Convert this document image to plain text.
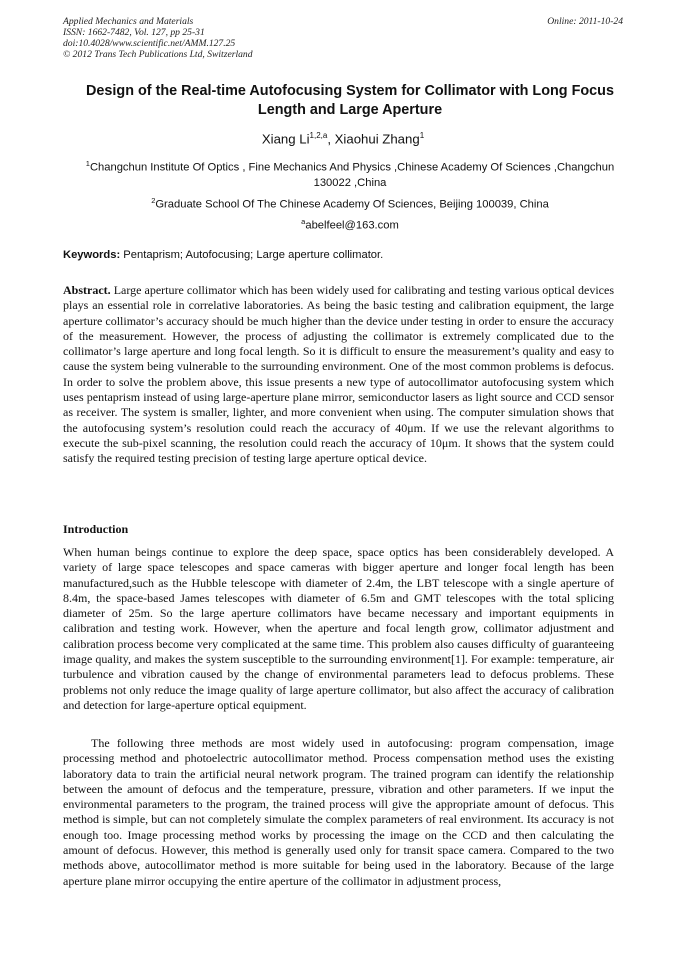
Applied Mechanics and Materials
ISSN: 1662-7482, Vol. 127, pp 25-31
doi:10.4028/www.scientific.net/AMM.127.25
© 2012 Trans Tech Publications Ltd, Switzerland
Online: 2011-10-24
Design of the Real-time Autofocusing System for Collimator with Long Focus Length and Large Aperture
Xiang Li$^{1,2,a}$, Xiaohui Zhang$^1$
$^1$Changchun Institute Of Optics , Fine Mechanics And Physics ,Chinese Academy Of Sciences ,Changchun 130022 ,China
$^2$Graduate School Of The Chinese Academy Of Sciences, Beijing 100039, China
$^a$abelfeel@163.com
Keywords: Pentaprism; Autofocusing; Large aperture collimator.
Abstract. Large aperture collimator which has been widely used for calibrating and testing various optical devices plays an essential role in correlative laboratories. As being the basic testing and calibration equipment, the large aperture collimator’s accuracy should be much higher than the device under testing in order to ensure the accuracy of the measurement. However, the process of adjusting the collimator is extremely complicated due to the collimator’s large aperture and long focal length. So it is difficult to ensure the measurement’s quality and easy to cause the system being vulnerable to the surrounding environment. One of the most common problems is defocus. In order to solve the problem above, this issue presents a new type of autocollimator autofocusing system which uses pentaprism instead of using large-aperture plane mirror, semiconductor lasers as light source and CCD sensor as receiver. The system is smaller, lighter, and more convenient when using. The computer simulation shows that the autofocusing system’s resolution could reach the accuracy of 40μm. If we use the relevant algorithms to execute the sub-pixel scanning, the resolution could reach the accuracy of 10μm. It shows that the system could satisfy the required testing precision of testing large aperture optical device.
Introduction
When human beings continue to explore the deep space, space optics has been considerablely developed. A variety of large space telescopes and space cameras with bigger aperture and longer focal length has been manufactured,such as the Hubble telescope with diameter of 2.4m, the LBT telescope with a single aperture of 8.4m, the space-based James telescopes with diameter of 6.5m and GMT telescopes with the total splicing diameter of 25m. So the large aperture collimators have became necessary and important equipments in calibration and testing work. However, when the aperture and focal length grow, collimator adjustment and calibration process become very complicated at the same time. This problem also causes difficulty of guaranteeing image quality, and makes the system susceptible to the surrounding environment[1]. For example: temperature, air turbulence and vibration caused by the change of environmental parameters lead to defocus problems. These problems not only reduce the image quality of large aperture collimator, but also affect the accuracy of calibration and detection for large-aperture optical equipment.
The following three methods are most widely used in autofocusing: program compensation, image processing method and photoelectric autocollimator method. Process compensation method uses the existing laboratory data to train the artificial neural network program. The trained program can identify the relationship between the amount of defocus and the temperature, pressure, vibration and other parameters. If we input the environmental parameters to the program, the trained process will give the appropriate amount of defocus. This method is simple, but can not completely simulate the complex parameters of real environment. Its accuracy is not enough too. Image processing method works by processing the image on the CCD and then calculating the amount of defocus. However, this method is generally used only for transit space camera. Compared to the two methods above, autocollimator method is more suitable for being used in the laboratory. Because of the large aperture plane mirror occupying the entire aperture of the collimator in adjustment process,
